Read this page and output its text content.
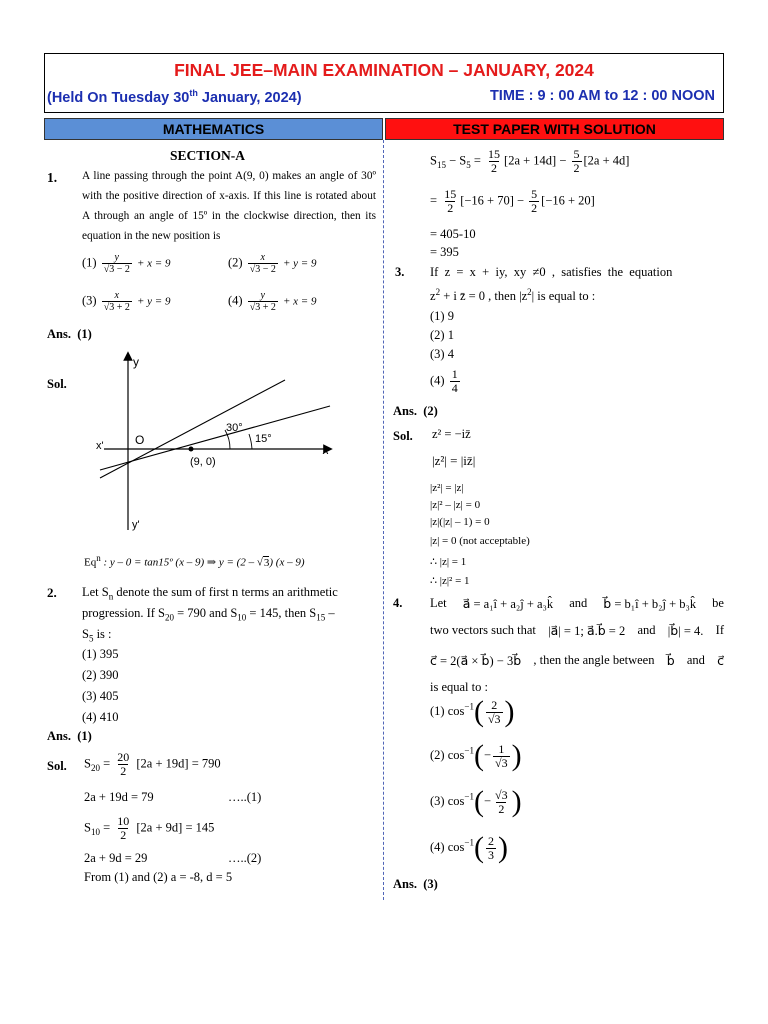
FINAL JEE–MAIN EXAMINATION – JANUARY, 2024
(Held On Tuesday 30th January, 2024)	TIME : 9 : 00 AM to 12 : 00 NOON
MATHEMATICS	TEST PAPER WITH SOLUTION
SECTION-A
1. A line passing through the point A(9, 0) makes an angle of 30º with the positive direction of x-axis. If this line is rotated about A through an angle of 15º in the clockwise direction, then its equation in the new position is
$(1) \frac{y}{√3 - 2} + x = 9$	$(2) \frac{x}{√3 - 2} + y = 9$
$(3) \frac{x}{√3 + 2} + y = 9$	$(4) \frac{y}{√3 + 2} + x = 9$
Ans. (1)
Sol.
y
x
x'
y'
O
(9, 0)
30°
15°
Eq$^n$ : y – 0 = tan15º (x – 9) ⇒ y = (2 – √3) (x – 9)
2. Let $S_n$ denote the sum of first n terms an arithmetic
progression. If $S_{20} = 790$ and $S_{10} = 145$, then $S_{15}$ –
$S_5$ is :
(1) 395
(2) 390
(3) 405
(4) 410
Ans. (1)
Sol. $S_{20} = \frac{20}{2} [2a + 19d] = 790$
2a + 19d = 79	…..(1)
$S_{10} = \frac{10}{2} [2a + 9d] = 145$
2a + 9d = 29	…..(2)
From (1) and (2) a = -8, d = 5
$S_{15} - S_5 = \frac{15}{2} [2a + 14d] - \frac{5}{2} [2a + 4d]$
= $\frac{15}{2} [-16 + 70] - \frac{5}{2} [-16 + 20]$
= 405-10
= 395
3. If  z  =  x  +  iy,  xy  ≠0  ,  satisfies  the  equation
$z^2 + i$ z̄ = 0 , then $|z^2|$ is equal to :
(1) 9
(2) 1
(3) 4
$(4) \frac{1}{4}$
Ans. (2)
Sol. z² = −iz̄
|z²| = |iz̄|
|z²| = |z|
|z|² – |z| = 0
|z|(|z| – 1) = 0
|z| = 0 (not acceptable)
∴ |z| = 1
∴ |z|² = 1
4. Let a⃗ = a₁î + a₂ĵ + a₃k̂ and b⃗ = b₁î + b₂ĵ + b₃k̂ be
two vectors such that |a⃗| = 1; a⃗.b⃗ = 2 and |b⃗| = 4. If
c⃗ = 2(a⃗ × b⃗) − 3b⃗ , then the angle between b⃗ and c⃗
is equal to :
(1) $\cos^{-1}( \frac{2}{√3}$ )
(2) $\cos^{-1}(- \frac{1}{√3}$ )
(3) $\cos^{-1}(- \frac{√3}{2}$ )
(4) $\cos^{-1}( \frac{2}{3}$ )
Ans. (3)
